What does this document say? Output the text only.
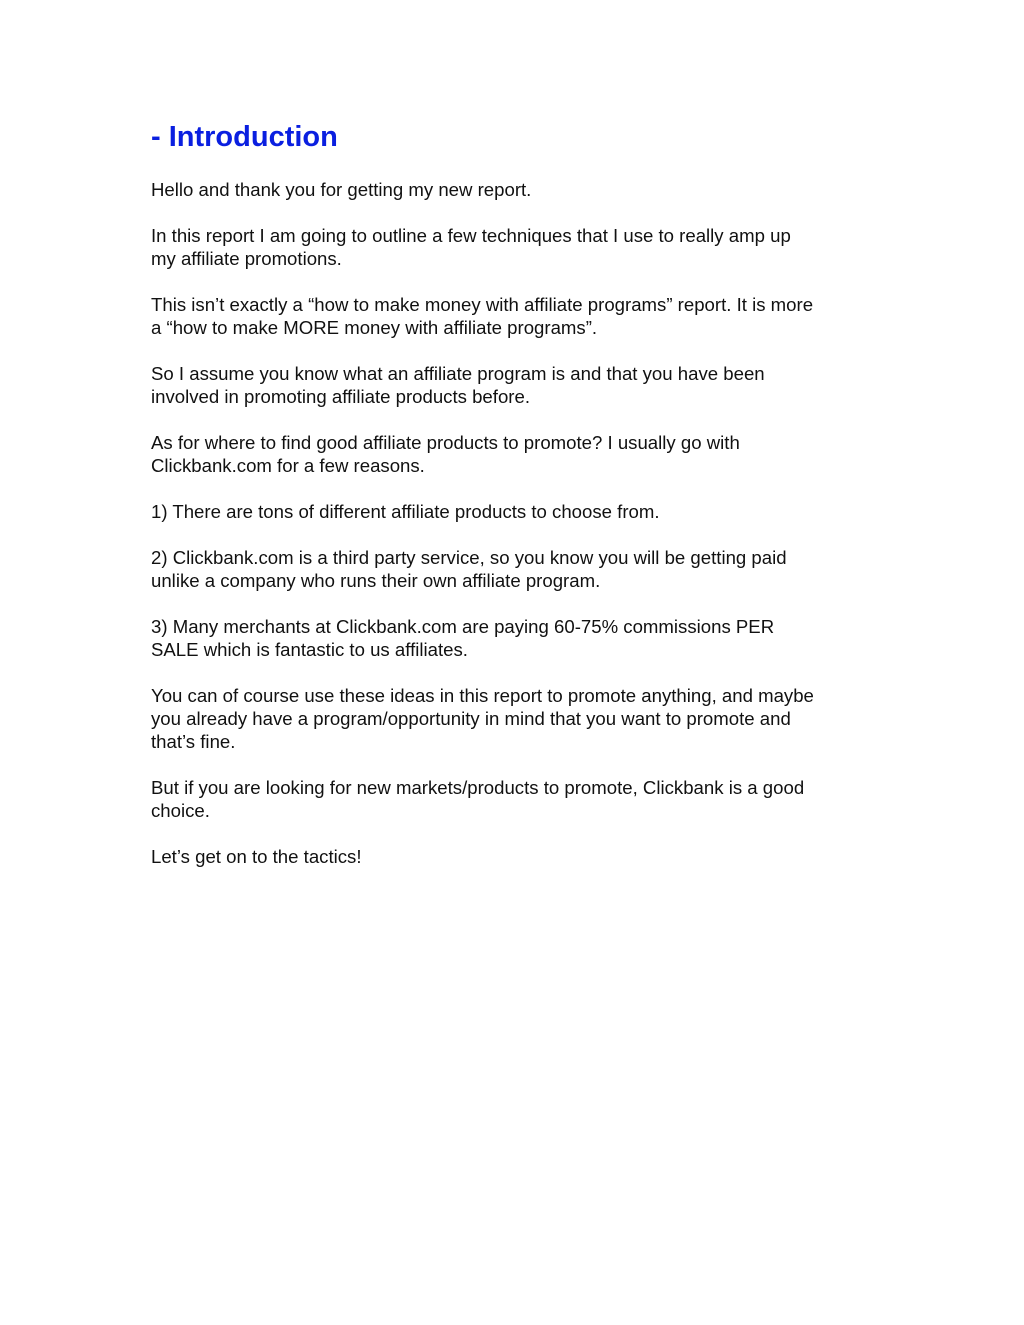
- Introduction

Hello and thank you for getting my new report.

In this report I am going to outline a few techniques that I use to really amp up
my affiliate promotions.

This isn’t exactly a “how to make money with affiliate programs” report. It is more
a “how to make MORE money with affiliate programs”.

So I assume you know what an affiliate program is and that you have been
involved in promoting affiliate products before.

As for where to find good affiliate products to promote? I usually go with
Clickbank.com for a few reasons.

1) There are tons of different affiliate products to choose from.

2) Clickbank.com is a third party service, so you know you will be getting paid
unlike a company who runs their own affiliate program.

3) Many merchants at Clickbank.com are paying 60-75% commissions PER
SALE which is fantastic to us affiliates.

You can of course use these ideas in this report to promote anything, and maybe
you already have a program/opportunity in mind that you want to promote and
that’s fine.

But if you are looking for new markets/products to promote, Clickbank is a good
choice.

Let’s get on to the tactics!
